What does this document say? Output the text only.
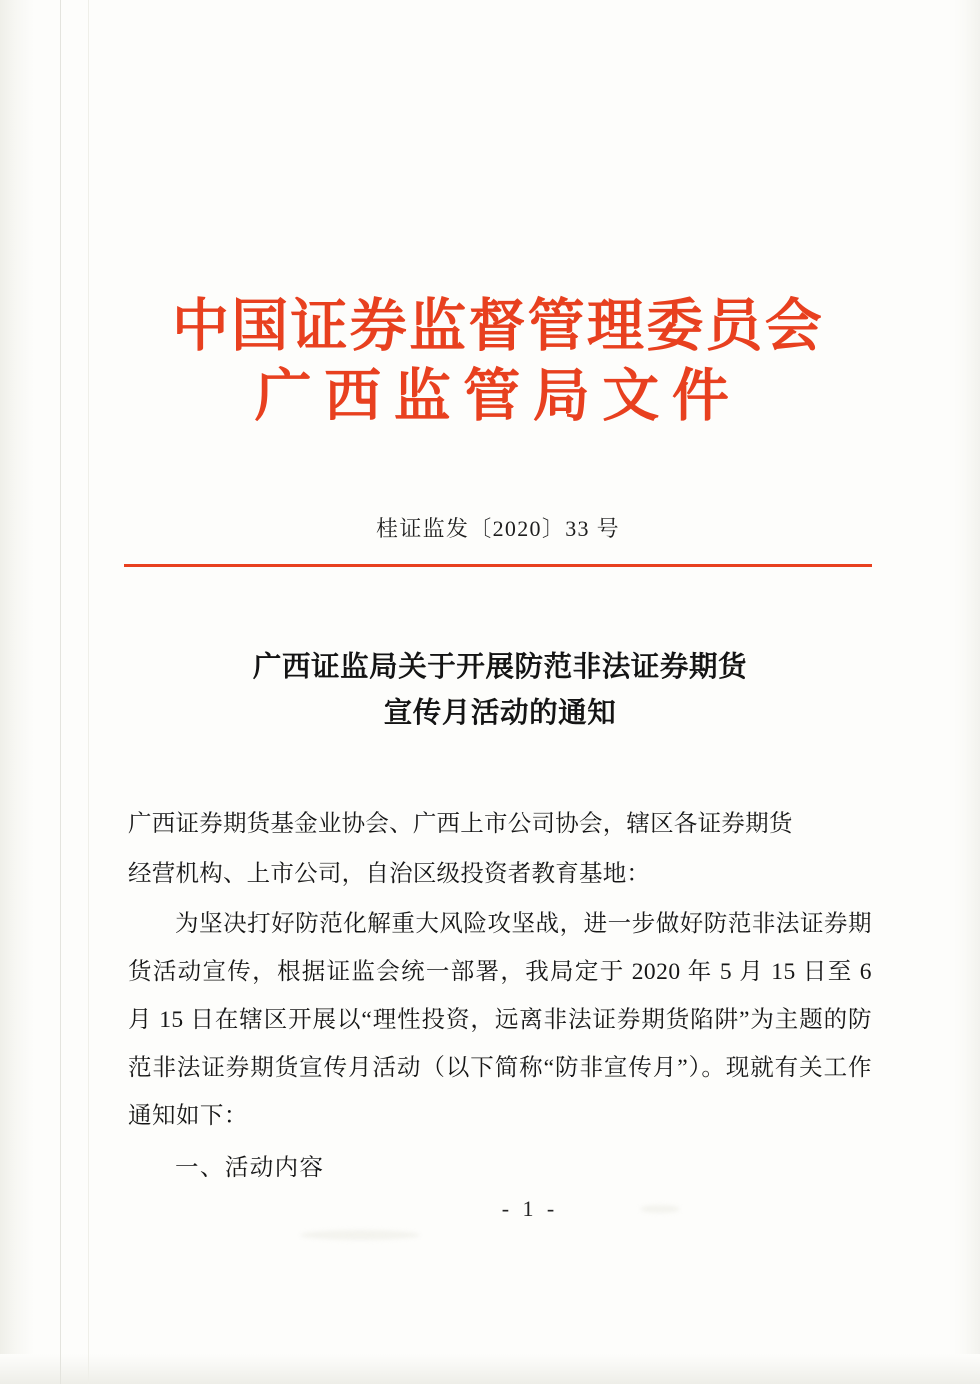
中国证券监督管理委员会
广西监管局文件
桂证监发〔2020〕33 号
广西证监局关于开展防范非法证券期货
宣传月活动的通知

广西证券期货基金业协会、广西上市公司协会，辖区各证券期货

经营机构、上市公司，自治区级投资者教育基地：

为坚决打好防范化解重大风险攻坚战，进一步做好防范非法证券期货活动宣传，根据证监会统一部署，我局定于 2020 年 5 月 15 日至 6 月 15 日在辖区开展以“理性投资，远离非法证券期货陷阱”为主题的防范非法证券期货宣传月活动（以下简称“防非宣传月”）。现就有关工作通知如下：

一、活动内容

- 1 -
